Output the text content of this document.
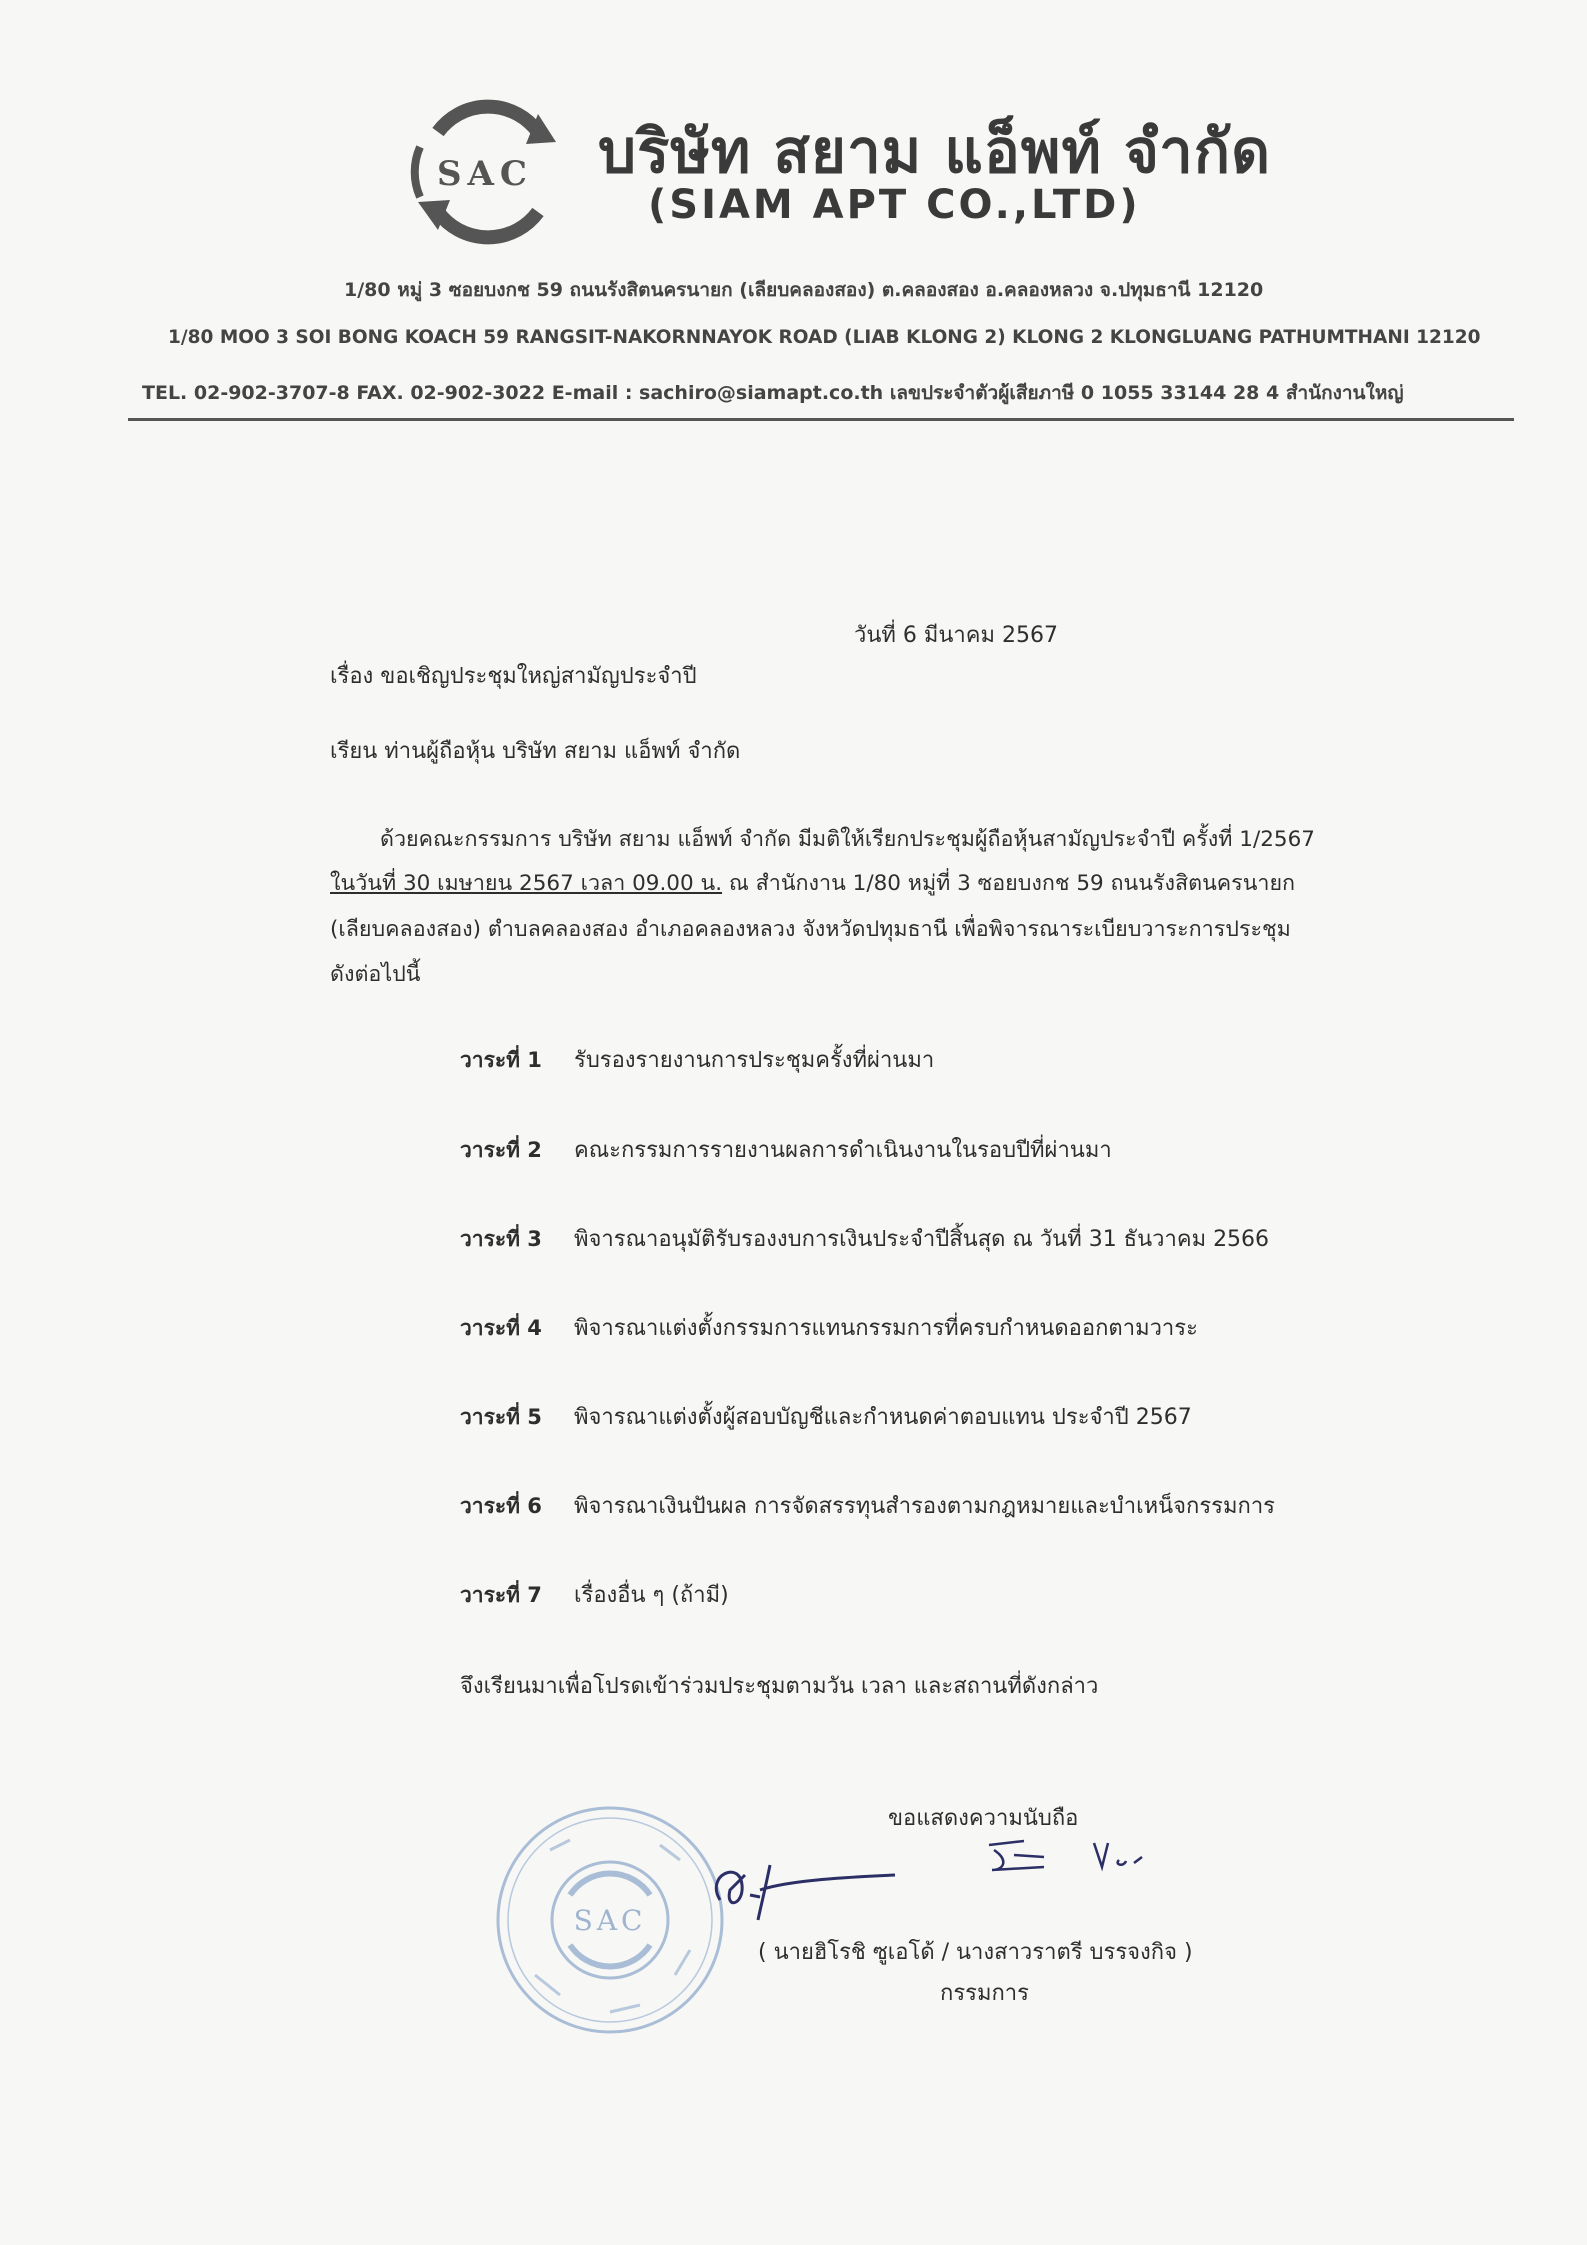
SAC บริษัท สยาม แอ็พท์ จำกัด
(SIAM APT CO.,LTD)
1/80 หมู่ 3 ซอยบงกช 59 ถนนรังสิตนครนายก (เลียบคลองสอง) ต.คลองสอง อ.คลองหลวง จ.ปทุมธานี 12120
1/80 MOO 3 SOI BONG KOACH 59 RANGSIT-NAKORNNAYOK ROAD (LIAB KLONG 2) KLONG 2 KLONGLUANG PATHUMTHANI 12120
TEL. 02-902-3707-8 FAX. 02-902-3022 E-mail : sachiro@siamapt.co.th เลขประจำตัวผู้เสียภาษี 0 1055 33144 28 4 สำนักงานใหญ่
วันที่ 6 มีนาคม 2567
เรื่อง ขอเชิญประชุมใหญ่สามัญประจำปี
เรียน ท่านผู้ถือหุ้น บริษัท สยาม แอ็พท์ จำกัด
ด้วยคณะกรรมการ บริษัท สยาม แอ็พท์ จำกัด มีมติให้เรียกประชุมผู้ถือหุ้นสามัญประจำปี ครั้งที่ 1/2567
ในวันที่ 30 เมษายน 2567 เวลา 09.00 น. ณ สำนักงาน 1/80 หมู่ที่ 3 ซอยบงกช 59 ถนนรังสิตนครนายก
(เลียบคลองสอง) ตำบลคลองสอง อำเภอคลองหลวง จังหวัดปทุมธานี เพื่อพิจารณาระเบียบวาระการประชุม
ดังต่อไปนี้
วาระที่ 1 รับรองรายงานการประชุมครั้งที่ผ่านมา
วาระที่ 2 คณะกรรมการรายงานผลการดำเนินงานในรอบปีที่ผ่านมา
วาระที่ 3 พิจารณาอนุมัติรับรองงบการเงินประจำปีสิ้นสุด ณ วันที่ 31 ธันวาคม 2566
วาระที่ 4 พิจารณาแต่งตั้งกรรมการแทนกรรมการที่ครบกำหนดออกตามวาระ
วาระที่ 5 พิจารณาแต่งตั้งผู้สอบบัญชีและกำหนดค่าตอบแทน ประจำปี 2567
วาระที่ 6 พิจารณาเงินปันผล การจัดสรรทุนสำรองตามกฎหมายและบำเหน็จกรรมการ
วาระที่ 7 เรื่องอื่น ๆ (ถ้ามี)
จึงเรียนมาเพื่อโปรดเข้าร่วมประชุมตามวัน เวลา และสถานที่ดังกล่าว
ขอแสดงความนับถือ
SAC
( นายฮิโรชิ ซูเอโด้ / นางสาวราตรี บรรจงกิจ )
กรรมการ
